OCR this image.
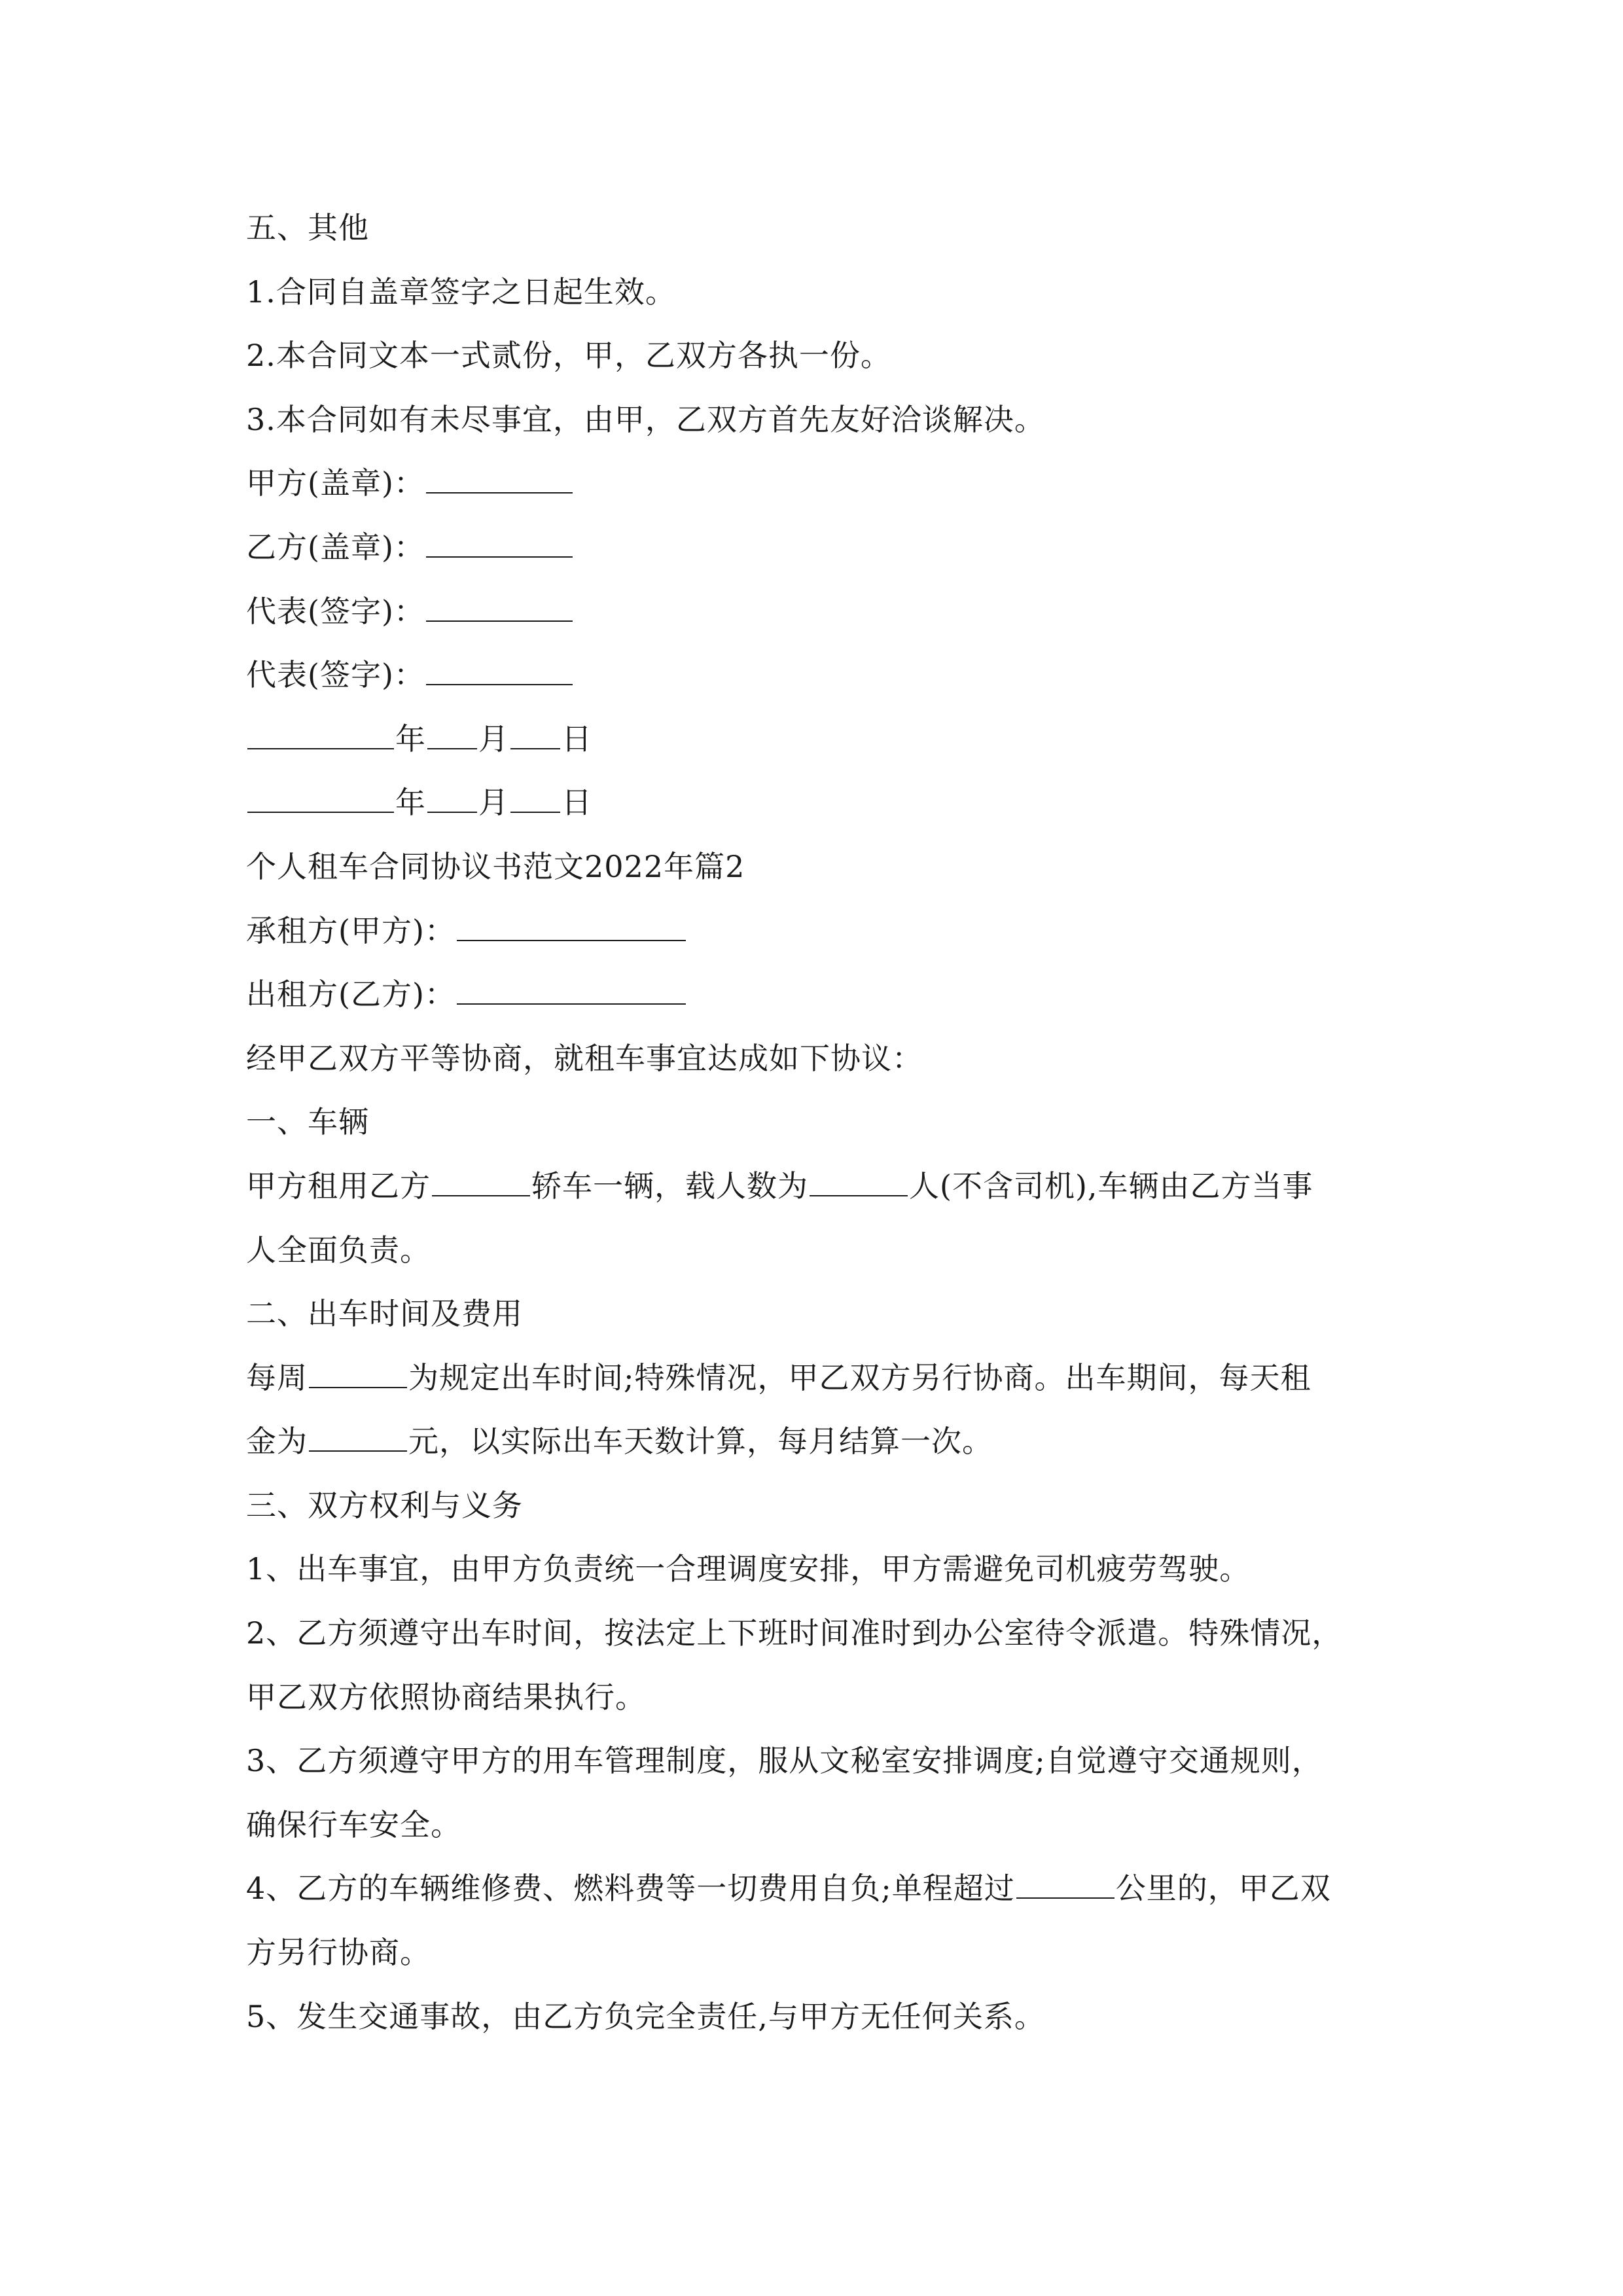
五、其他
1.合同自盖章签字之日起生效。
2.本合同文本一式贰份，甲，乙双方各执一份。
3.本合同如有未尽事宜，由甲，乙双方首先友好洽谈解决。
甲方(盖章)：
乙方(盖章)：
代表(签字)：
代表(签字)：
年 月 日
年 月 日
个人租车合同协议书范文2022年篇2
承租方(甲方)：
出租方(乙方)：
经甲乙双方平等协商，就租车事宜达成如下协议：
一、车辆
甲方租用乙方	轿车一辆，载人数为	人(不含司机),车辆由乙方当事
人全面负责。
二、出车时间及费用
每周	为规定出车时间;特殊情况，甲乙双方另行协商。出车期间，每天租
金为	元，以实际出车天数计算，每月结算一次。
三、双方权利与义务
1、出车事宜，由甲方负责统一合理调度安排，甲方需避免司机疲劳驾驶。
2、乙方须遵守出车时间，按法定上下班时间准时到办公室待令派遣。特殊情况，
甲乙双方依照协商结果执行。
3、乙方须遵守甲方的用车管理制度，服从文秘室安排调度;自觉遵守交通规则，
确保行车安全。
4、乙方的车辆维修费、燃料费等一切费用自负;单程超过	公里的，甲乙双
方另行协商。
5、发生交通事故，由乙方负完全责任,与甲方无任何关系。
